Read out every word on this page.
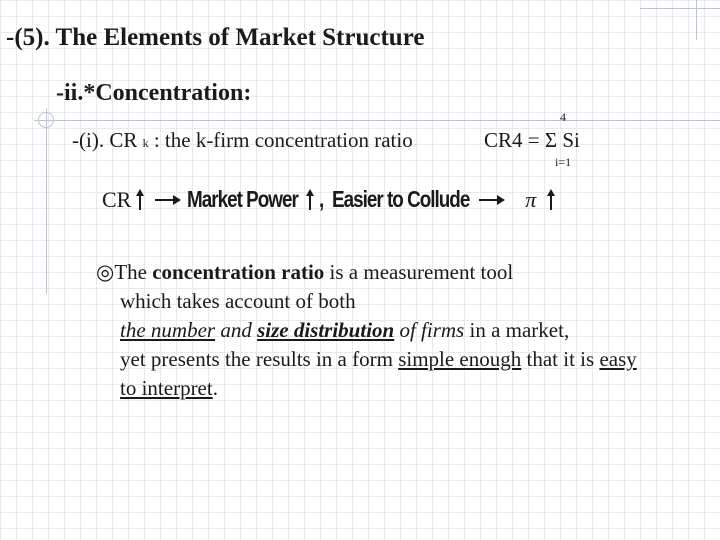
-(5). The Elements of Market Structure
-ii.*Concentration:
-(i). CR k : the k-firm concentration ratio
4
CR4 = Σ Si
i=1
CR Market Power , Easier to Collude	π
◎The concentration ratio is a measurement tool
which takes account of both
the number and size distribution of firms in a market,
yet presents the results in a form simple enough that it is easy
to interpret.
